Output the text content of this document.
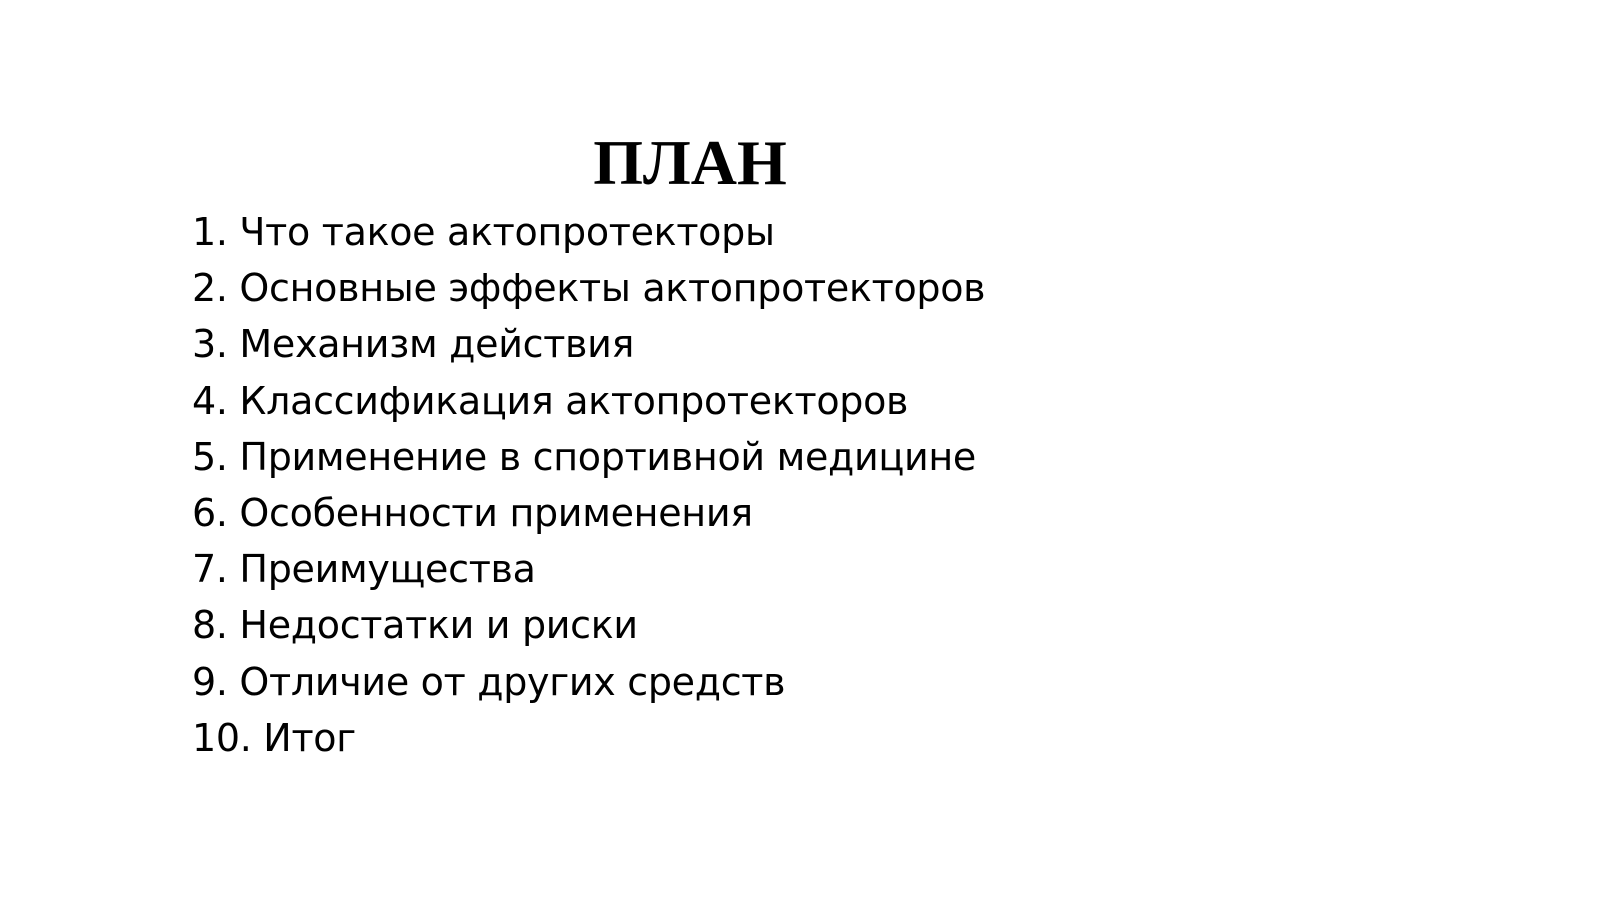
ПЛАН
1. Что такое актопротекторы
2. Основные эффекты актопротекторов
3. Механизм действия
4. Классификация актопротекторов
5. Применение в спортивной медицине
6. Особенности применения
7. Преимущества
8. Недостатки и риски
9. Отличие от других средств
10. Итог
